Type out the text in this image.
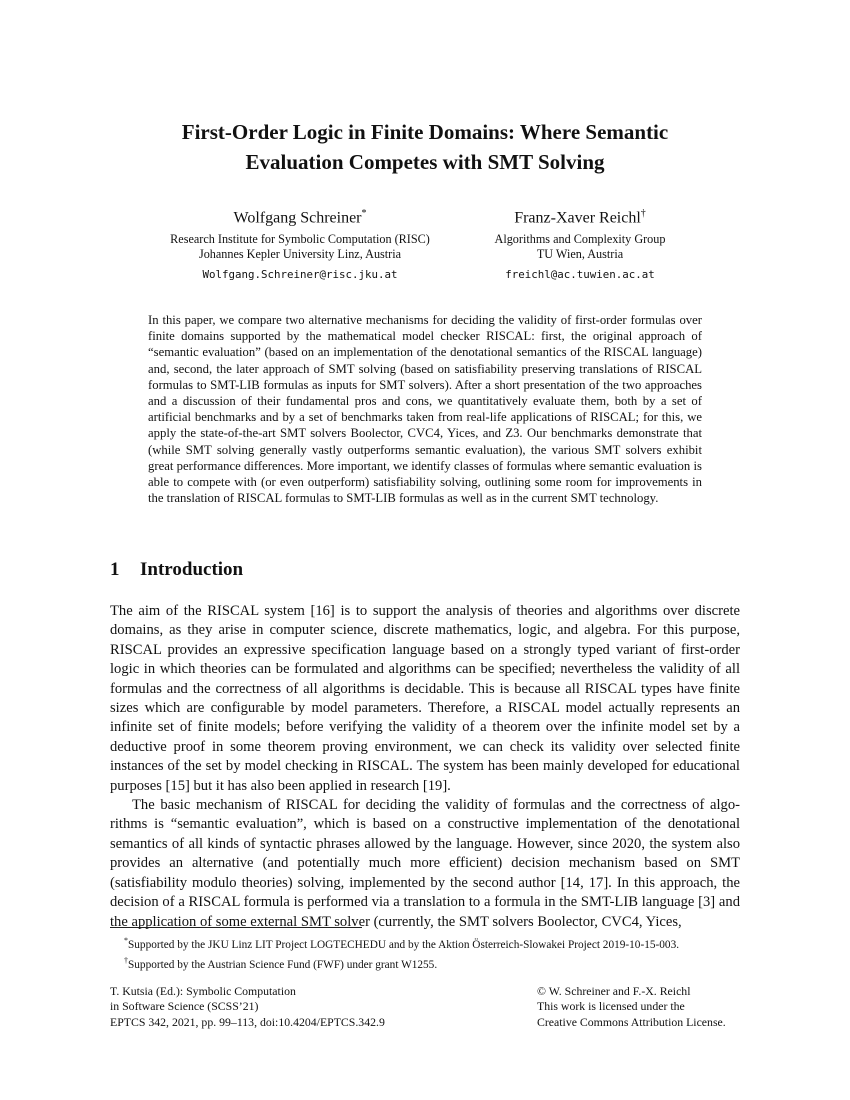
First-Order Logic in Finite Domains: Where Semantic
Evaluation Competes with SMT Solving
Wolfgang Schreiner*
Research Institute for Symbolic Computation (RISC)
Johannes Kepler University Linz, Austria
Wolfgang.Schreiner@risc.jku.at
Franz-Xaver Reichl†
Algorithms and Complexity Group
TU Wien, Austria
freichl@ac.tuwien.ac.at
In this paper, we compare two alternative mechanisms for deciding the validity of first-order formulas over finite domains supported by the mathematical model checker RISCAL: first, the original approach of “semantic evaluation” (based on an implementation of the denotational semantics of the RISCAL language) and, second, the later approach of SMT solving (based on satisfiability preserving translations of RISCAL formulas to SMT-LIB formulas as inputs for SMT solvers). After a short presentation of the two approaches and a discussion of their fundamental pros and cons, we quantitatively evaluate them, both by a set of artificial benchmarks and by a set of benchmarks taken from real-life applications of RISCAL; for this, we apply the state-of-the-art SMT solvers Boolector, CVC4, Yices, and Z3. Our benchmarks demonstrate that (while SMT solving generally vastly outperforms semantic evaluation), the various SMT solvers exhibit great performance differences. More important, we identify classes of formulas where semantic evaluation is able to compete with (or even outperform) satisfiability solving, outlining some room for improvements in the translation of RISCAL formulas to SMT-LIB formulas as well as in the current SMT technology.
1 Introduction

The aim of the RISCAL system [16] is to support the analysis of theories and algorithms over discrete domains, as they arise in computer science, discrete mathematics, logic, and algebra. For this purpose, RISCAL provides an expressive specification language based on a strongly typed variant of first-order logic in which theories can be formulated and algorithms can be specified; nevertheless the validity of all formulas and the correctness of all algorithms is decidable. This is because all RISCAL types have finite sizes which are configurable by model parameters. Therefore, a RISCAL model actually represents an infinite set of finite models; before verifying the validity of a theorem over the infinite model set by a deductive proof in some theorem proving environment, we can check its validity over selected finite instances of the set by model checking in RISCAL. The system has been mainly developed for educational purposes [15] but it has also been applied in research [19].

The basic mechanism of RISCAL for deciding the validity of formulas and the correctness of algorithms is “semantic evaluation”, which is based on a constructive implementation of the denotational semantics of all kinds of syntactic phrases allowed by the language. However, since 2020, the system also provides an alternative (and potentially much more efficient) decision mechanism based on SMT (satisfiability modulo theories) solving, implemented by the second author [14, 17]. In this approach, the decision of a RISCAL formula is performed via a translation to a formula in the SMT-LIB language [3] and the application of some external SMT solver (currently, the SMT solvers Boolector, CVC4, Yices,

*Supported by the JKU Linz LIT Project LOGTECHEDU and by the Aktion Österreich-Slowakei Project 2019-10-15-003.
†Supported by the Austrian Science Fund (FWF) under grant W1255.
T. Kutsia (Ed.): Symbolic Computation
in Software Science (SCSS’21)
EPTCS 342, 2021, pp. 99–113, doi:10.4204/EPTCS.342.9
© W. Schreiner and F.-X. Reichl
This work is licensed under the
Creative Commons Attribution License.
